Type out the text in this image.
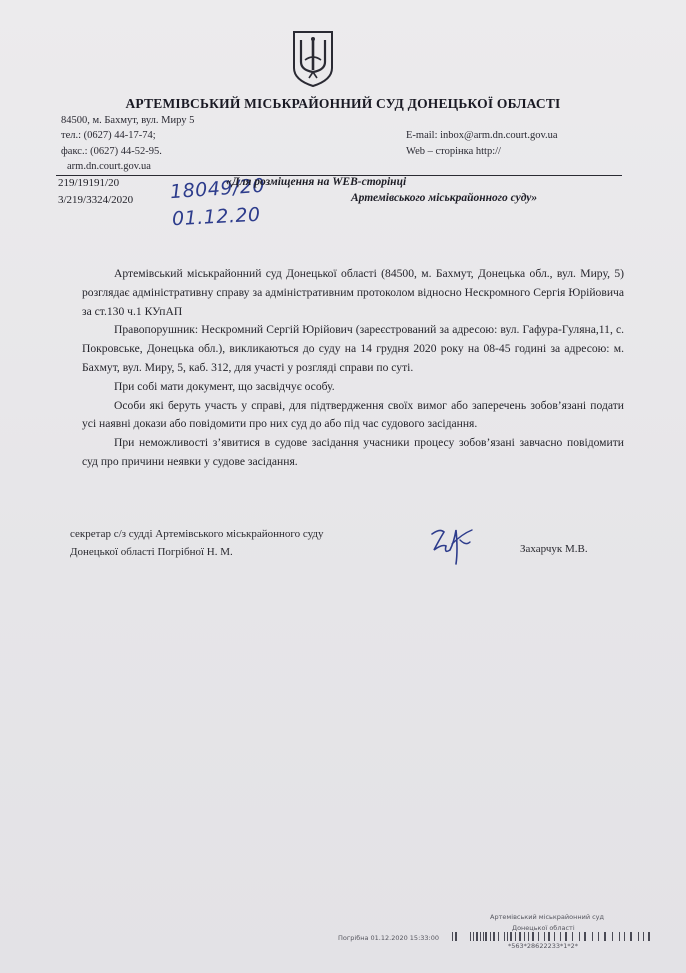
АРТЕМІВСЬКИЙ МІСЬКРАЙОННИЙ СУД ДОНЕЦЬКОЇ ОБЛАСТІ
84500, м. Бахмут, вул. Миру 5
тел.: (0627) 44-17-74;
факс.: (0627) 44-52-95.
arm.dn.court.gov.ua
E-mail: inbox@arm.dn.court.gov.ua
Web – сторінка http://
219/19191/20
3/219/3324/2020 18049/20
01.12.20
«Для розміщення на WEB-сторінці
Артемівського міськрайонного суду»

Артемівський міськрайонний суд Донецької області (84500, м. Бахмут, Донецька обл., вул. Миру, 5) розглядає адміністративну справу за адміністративним протоколом відносно Нескромного Сергія Юрійовича за ст.130 ч.1 КУпАП

Правопорушник: Нескромний Сергій Юрійович (зареєстрований за адресою: вул. Гафура-Гуляна,11, с. Покровське, Донецька обл.), викликаються до суду на 14 грудня 2020 року на 08-45 годині за адресою: м. Бахмут, вул. Миру, 5, каб. 312, для участі у розгляді справи по суті.

При собі мати документ, що засвідчує особу.

Особи які беруть участь у справі, для підтвердження своїх вимог або заперечень зобов’язані подати усі наявні докази або повідомити про них суд до або під час судового засідання.

При неможливості з’явитися в судове засідання учасники процесу зобов’язані завчасно повідомити суд про причини неявки у судове засідання.

секретар с/з судді Артемівського міськрайонного суду
Донецької області Погрібної Н. М.	Захарчук М.В.
Артемівський міськрайонний суд
Донецької області
Погрібна 01.12.2020 15:33:00
*563*28622233*1*2*
